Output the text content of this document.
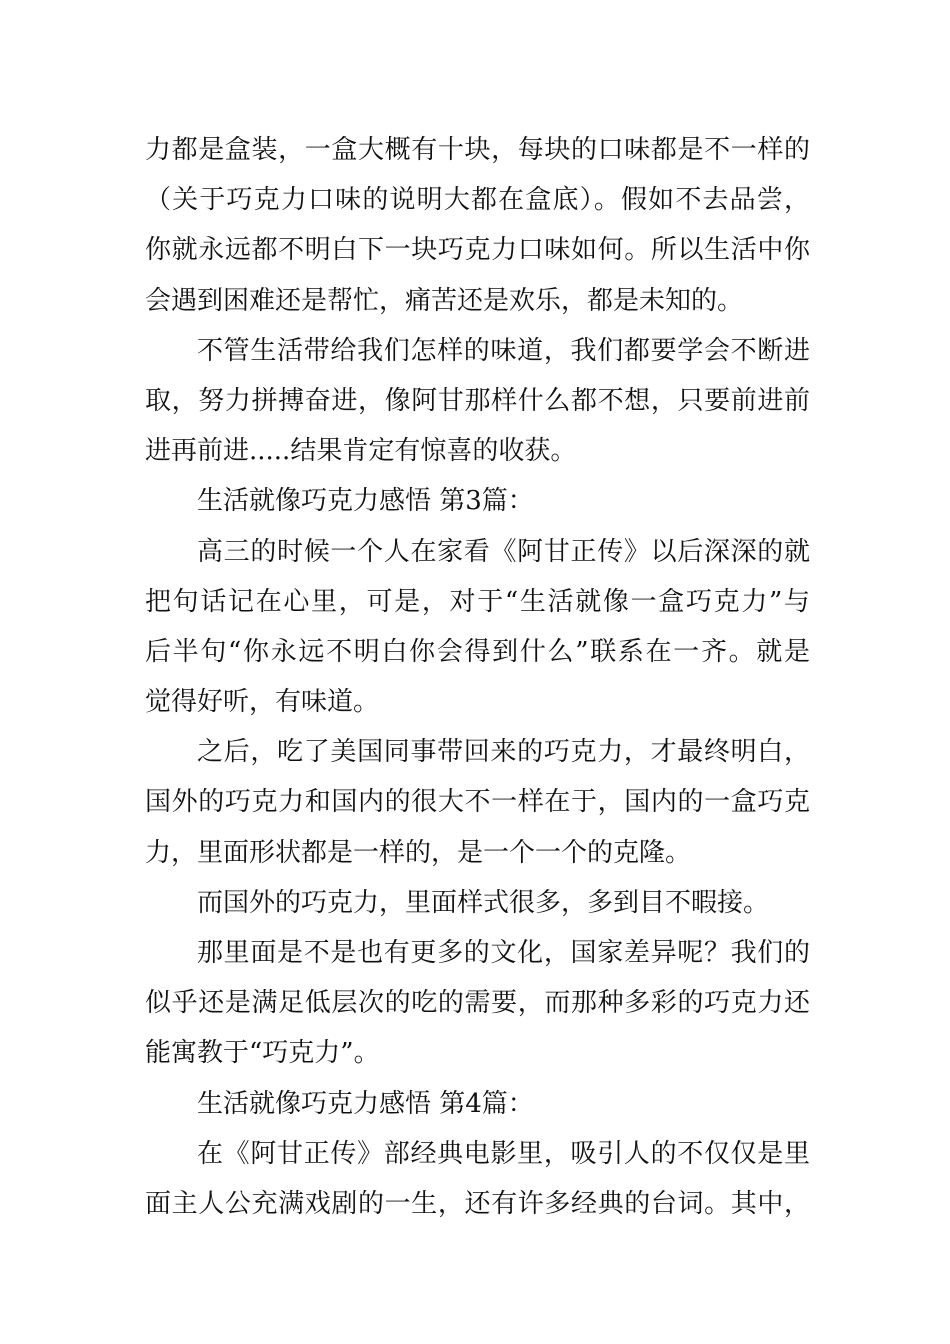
力都是盒装，一盒大概有十块，每块的口味都是不一样的
（关于巧克力口味的说明大都在盒底）。假如不去品尝，
你就永远都不明白下一块巧克力口味如何。所以生活中你
会遇到困难还是帮忙，痛苦还是欢乐，都是未知的。
不管生活带给我们怎样的味道，我们都要学会不断进
取，努力拼搏奋进，像阿甘那样什么都不想，只要前进前
进再前进.....结果肯定有惊喜的收获。
生活就像巧克力感悟 第3篇：
高三的时候一个人在家看《阿甘正传》以后深深的就
把句话记在心里，可是，对于“生活就像一盒巧克力”与
后半句“你永远不明白你会得到什么”联系在一齐。就是
觉得好听，有味道。
之后，吃了美国同事带回来的巧克力，才最终明白，
国外的巧克力和国内的很大不一样在于，国内的一盒巧克
力，里面形状都是一样的，是一个一个的克隆。
而国外的巧克力，里面样式很多，多到目不暇接。
那里面是不是也有更多的文化，国家差异呢？我们的
似乎还是满足低层次的吃的需要，而那种多彩的巧克力还
能寓教于“巧克力”。
生活就像巧克力感悟 第4篇：
在《阿甘正传》部经典电影里，吸引人的不仅仅是里
面主人公充满戏剧的一生，还有许多经典的台词。其中，
